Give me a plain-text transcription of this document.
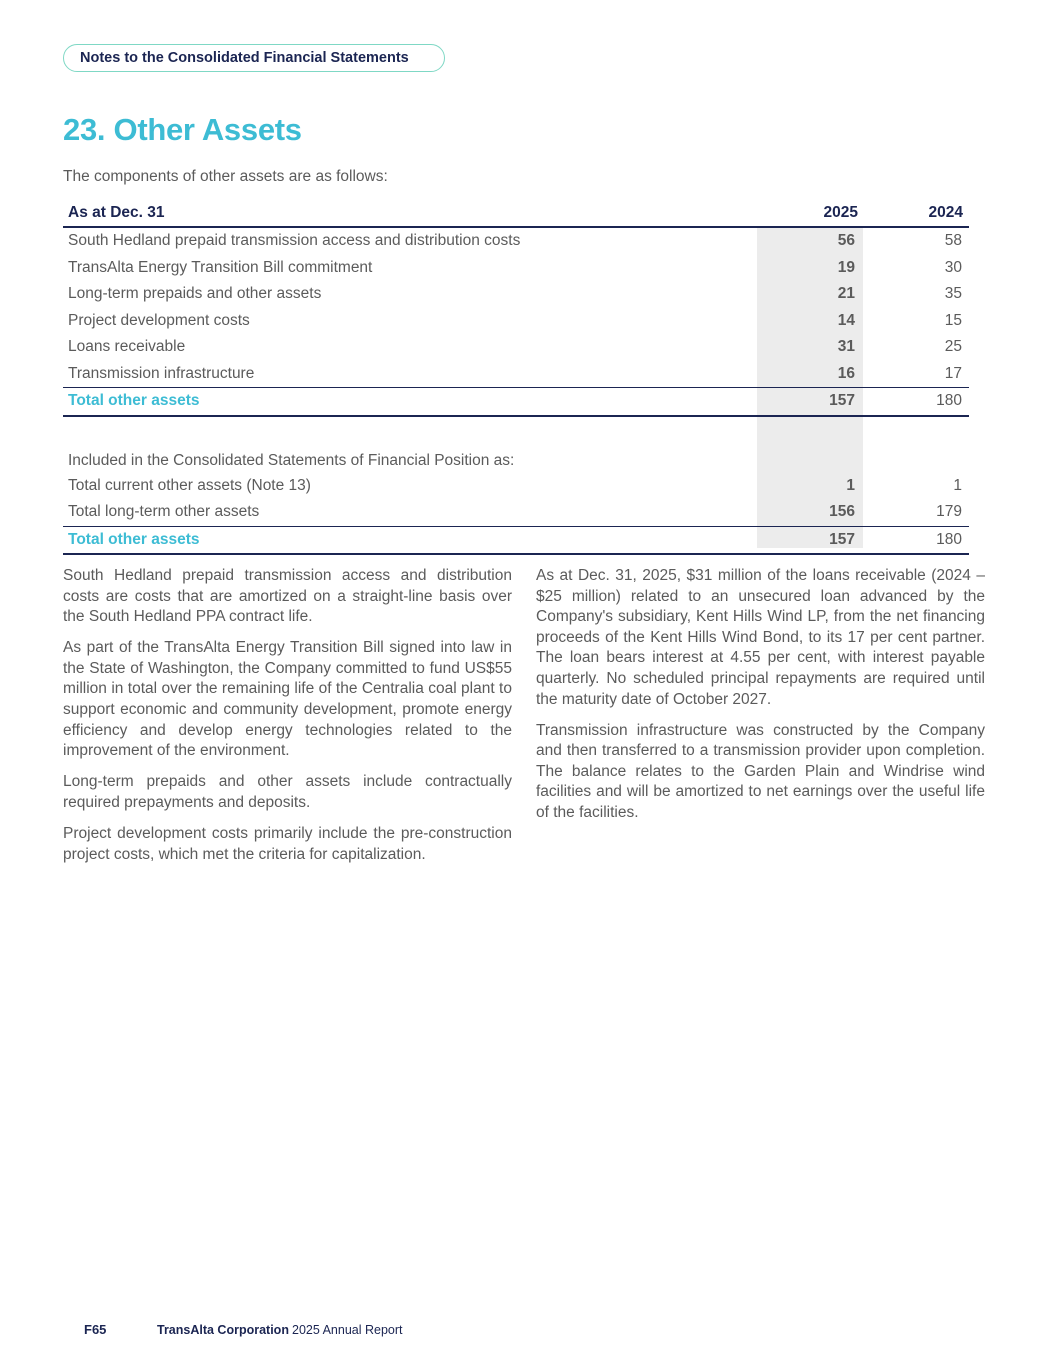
Notes to the Consolidated Financial Statements
23. Other Assets
The components of other assets are as follows:
As at Dec. 31	2025	2024
South Hedland prepaid transmission access and distribution costs	56	58
TransAlta Energy Transition Bill commitment	19	30
Long-term prepaids and other assets	21	35
Project development costs	14	15
Loans receivable	31	25
Transmission infrastructure	16	17
Total other assets	157	180
Included in the Consolidated Statements of Financial Position as:
Total current other assets (Note 13)	1	1
Total long-term other assets	156	179
Total other assets	157	180

South Hedland prepaid transmission access and distribution costs are costs that are amortized on a straight-line basis over the South Hedland PPA contract life.

As part of the TransAlta Energy Transition Bill signed into law in the State of Washington, the Company committed to fund US$55 million in total over the remaining life of the Centralia coal plant to support economic and community development, promote energy efficiency and develop energy technologies related to the improvement of the environment.

Long-term prepaids and other assets include contractually required prepayments and deposits.

Project development costs primarily include the pre-construction project costs, which met the criteria for capitalization.

As at Dec. 31, 2025, $31 million of the loans receivable (2024 – $25 million) related to an unsecured loan advanced by the Company's subsidiary, Kent Hills Wind LP, from the net financing proceeds of the Kent Hills Wind Bond, to its 17 per cent partner. The loan bears interest at 4.55 per cent, with interest payable quarterly. No scheduled principal repayments are required until the maturity date of October 2027.

Transmission infrastructure was constructed by the Company and then transferred to a transmission provider upon completion. The balance relates to the Garden Plain and Windrise wind facilities and will be amortized to net earnings over the useful life of the facilities.

F65	TransAlta Corporation 2025 Annual Report
